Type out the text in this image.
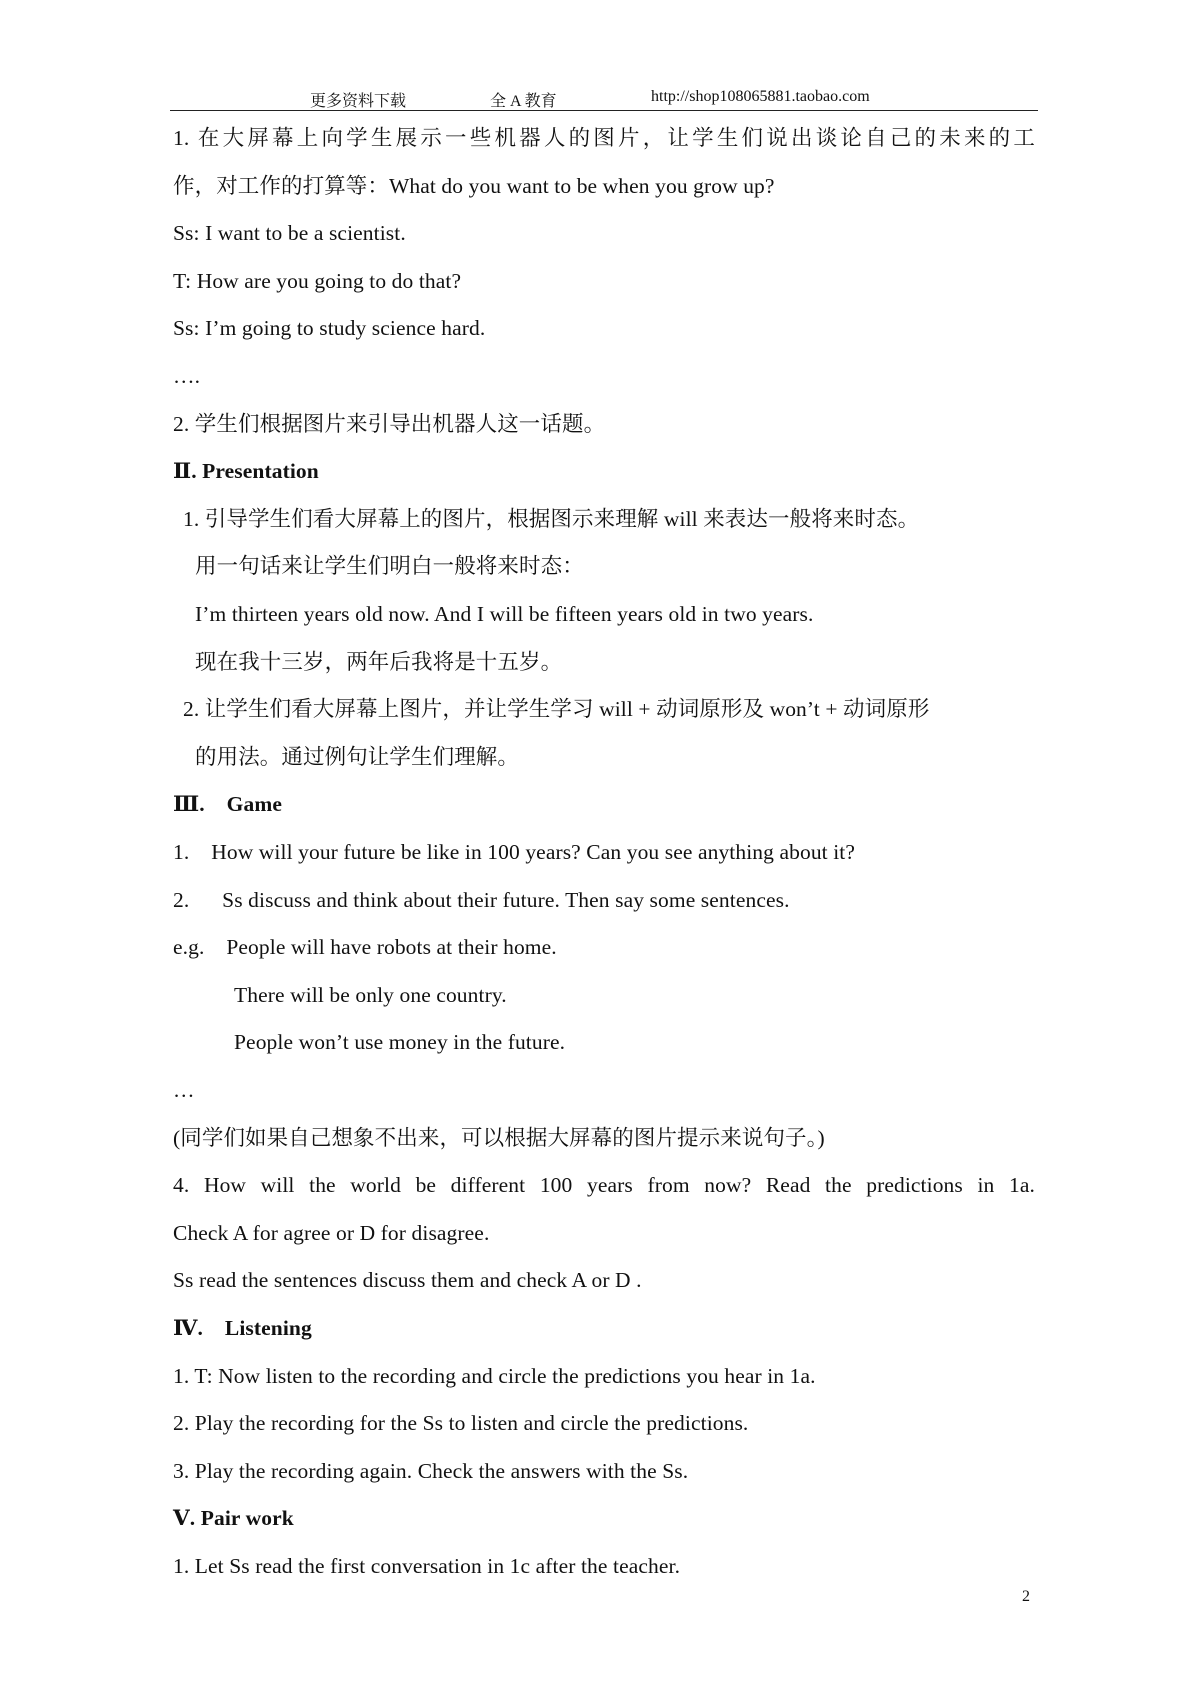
更多资料下载	全 A 教育	http://shop108065881.taobao.com
1. 在大屏幕上向学生展示一些机器人的图片，让学生们说出谈论自己的未来的工
作，对工作的打算等：What do you want to be when you grow up?
Ss: I want to be a scientist.
T: How are you going to do that?
Ss: I’m going to study science hard.
….
2. 学生们根据图片来引导出机器人这一话题。
Ⅱ. Presentation
1. 引导学生们看大屏幕上的图片，根据图示来理解 will 来表达一般将来时态。
用一句话来让学生们明白一般将来时态：
I’m thirteen years old now. And I will be fifteen years old in two years.
现在我十三岁，两年后我将是十五岁。
2. 让学生们看大屏幕上图片，并让学生学习 will + 动词原形及 won’t + 动词原形
的用法。通过例句让学生们理解。
Ⅲ.    Game
1.    How will your future be like in 100 years? Can you see anything about it?
2.      Ss discuss and think about their future. Then say some sentences.
e.g.    People will have robots at their home.
There will be only one country.
People won’t use money in the future.
…
(同学们如果自己想象不出来，可以根据大屏幕的图片提示来说句子。)
4. How will the world be different 100 years from now? Read the predictions in 1a.
Check A for agree or D for disagree.
Ss read the sentences discuss them and check A or D .
Ⅳ.    Listening
1. T: Now listen to the recording and circle the predictions you hear in 1a.
2. Play the recording for the Ss to listen and circle the predictions.
3. Play the recording again. Check the answers with the Ss.
Ⅴ. Pair work
1. Let Ss read the first conversation in 1c after the teacher.
2
